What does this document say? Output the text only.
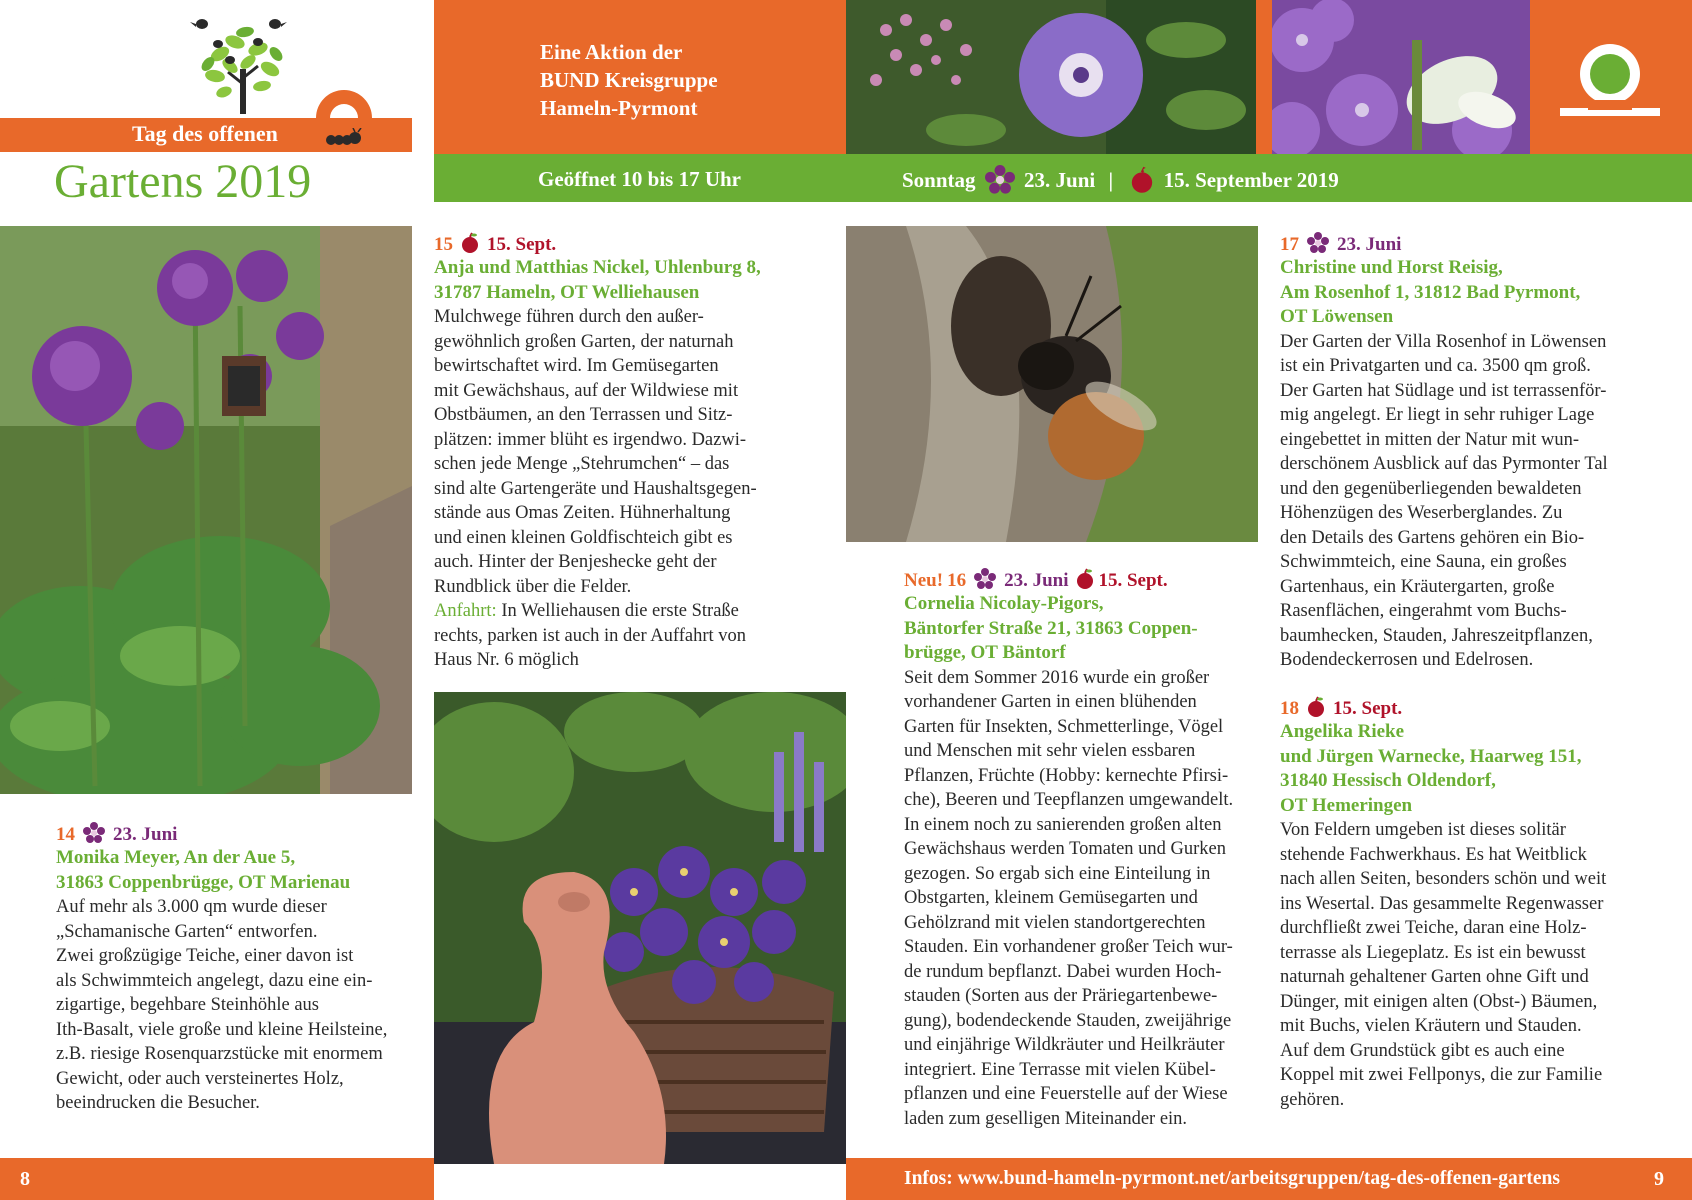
Tag des offenen
Gartens 2019
Eine Aktion der
BUND Kreisgruppe
Hameln-Pyrmont
Geöffnet 10 bis 17 Uhr	Sonntag 23. Juni | 15. September 2019
14 23. Juni
Monika Meyer, An der Aue 5,
31863 Coppenbrügge, OT Marienau
Auf mehr als 3.000 qm wurde dieser
„Schamanische Garten“ entworfen.
Zwei großzügige Teiche, einer davon ist
als Schwimmteich angelegt, dazu eine ein-
zigartige, begehbare Steinhöhle aus
Ith-Basalt, viele große und kleine Heilsteine,
z.B. riesige Rosenquarzstücke mit enormem
Gewicht, oder auch versteinertes Holz,
beeindrucken die Besucher.
15 15. Sept.
Anja und Matthias Nickel, Uhlenburg 8,
31787 Hameln, OT Welliehausen
Mulchwege führen durch den außer-
gewöhnlich großen Garten, der naturnah
bewirtschaftet wird. Im Gemüsegarten
mit Gewächshaus, auf der Wildwiese mit
Obstbäumen, an den Terrassen und Sitz-
plätzen: immer blüht es irgendwo. Dazwi-
schen jede Menge „Stehrumchen“ – das
sind alte Gartengeräte und Haushaltsgegen-
stände aus Omas Zeiten. Hühnerhaltung
und einen kleinen Goldfischteich gibt es
auch. Hinter der Benjeshecke geht der
Rundblick über die Felder.
Anfahrt: In Welliehausen die erste Straße
rechts, parken ist auch in der Auffahrt von
Haus Nr. 6 möglich
Neu! 16 23. Juni 15. Sept.
Cornelia Nicolay-Pigors,
Bäntorfer Straße 21, 31863 Coppen-
brügge, OT Bäntorf
Seit dem Sommer 2016 wurde ein großer
vorhandener Garten in einen blühenden
Garten für Insekten, Schmetterlinge, Vögel
und Menschen mit sehr vielen essbaren
Pflanzen, Früchte (Hobby: kernechte Pfirsi-
che), Beeren und Teepflanzen umgewandelt.
In einem noch zu sanierenden großen alten
Gewächshaus werden Tomaten und Gurken
gezogen. So ergab sich eine Einteilung in
Obstgarten, kleinem Gemüsegarten und
Gehölzrand mit vielen standortgerechten
Stauden. Ein vorhandener großer Teich wur-
de rundum bepflanzt. Dabei wurden Hoch-
stauden (Sorten aus der Präriegartenbewe-
gung), bodendeckende Stauden, zweijährige
und einjährige Wildkräuter und Heilkräuter
integriert. Eine Terrasse mit vielen Kübel-
pflanzen und eine Feuerstelle auf der Wiese
laden zum geselligen Miteinander ein.
17 23. Juni
Christine und Horst Reisig,
Am Rosenhof 1, 31812 Bad Pyrmont,
OT Löwensen
Der Garten der Villa Rosenhof in Löwensen
ist ein Privatgarten und ca. 3500 qm groß.
Der Garten hat Südlage und ist terrassenför-
mig angelegt. Er liegt in sehr ruhiger Lage
eingebettet in mitten der Natur mit wun-
derschönem Ausblick auf das Pyrmonter Tal
und den gegenüberliegenden bewaldeten
Höhenzügen des Weserberglandes. Zu
den Details des Gartens gehören ein Bio-
Schwimmteich, eine Sauna, ein großes
Gartenhaus, ein Kräutergarten, große
Rasenflächen, eingerahmt vom Buchs-
baumhecken, Stauden, Jahreszeitpflanzen,
Bodendeckerrosen und Edelrosen.
18 15. Sept.
Angelika Rieke
und Jürgen Warnecke, Haarweg 151,
31840 Hessisch Oldendorf,
OT Hemeringen
Von Feldern umgeben ist dieses solitär
stehende Fachwerkhaus. Es hat Weitblick
nach allen Seiten, besonders schön und weit
ins Wesertal. Das gesammelte Regenwasser
durchfließt zwei Teiche, daran eine Holz-
terrasse als Liegeplatz. Es ist ein bewusst
naturnah gehaltener Garten ohne Gift und
Dünger, mit einigen alten (Obst-) Bäumen,
mit Buchs, vielen Kräutern und Stauden.
Auf dem Grundstück gibt es auch eine
Koppel mit zwei Fellponys, die zur Familie
gehören.
8	Infos: www.bund-hameln-pyrmont.net/arbeitsgruppen/tag-des-offenen-gartens	9
